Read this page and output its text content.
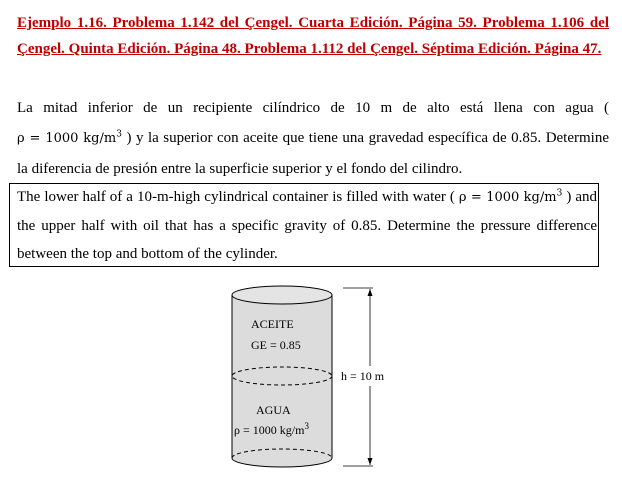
Ejemplo 1.16. Problema 1.142 del Çengel. Cuarta Edición. Página 59. Problema 1.106 del Çengel. Quinta Edición. Página 48. Problema 1.112 del Çengel. Séptima Edición. Página 47.

La mitad inferior de un recipiente cilíndrico de 10 m de alto está llena con agua ( ρ = 1000 $kg/m^3$ ) y la superior con aceite que tiene una gravedad específica de 0.85. Determine la diferencia de presión entre la superficie superior y el fondo del cilindro.

The lower half of a 10-m-high cylindrical container is filled with water ( ρ = 1000 $kg/m^3$ ) and the upper half with oil that has a specific gravity of 0.85. Determine the pressure difference between the top and bottom of the cylinder.

ACEITE
GE = 0.85
AGUA
ρ = 1000 $kg/m^3$
h = 10 m
